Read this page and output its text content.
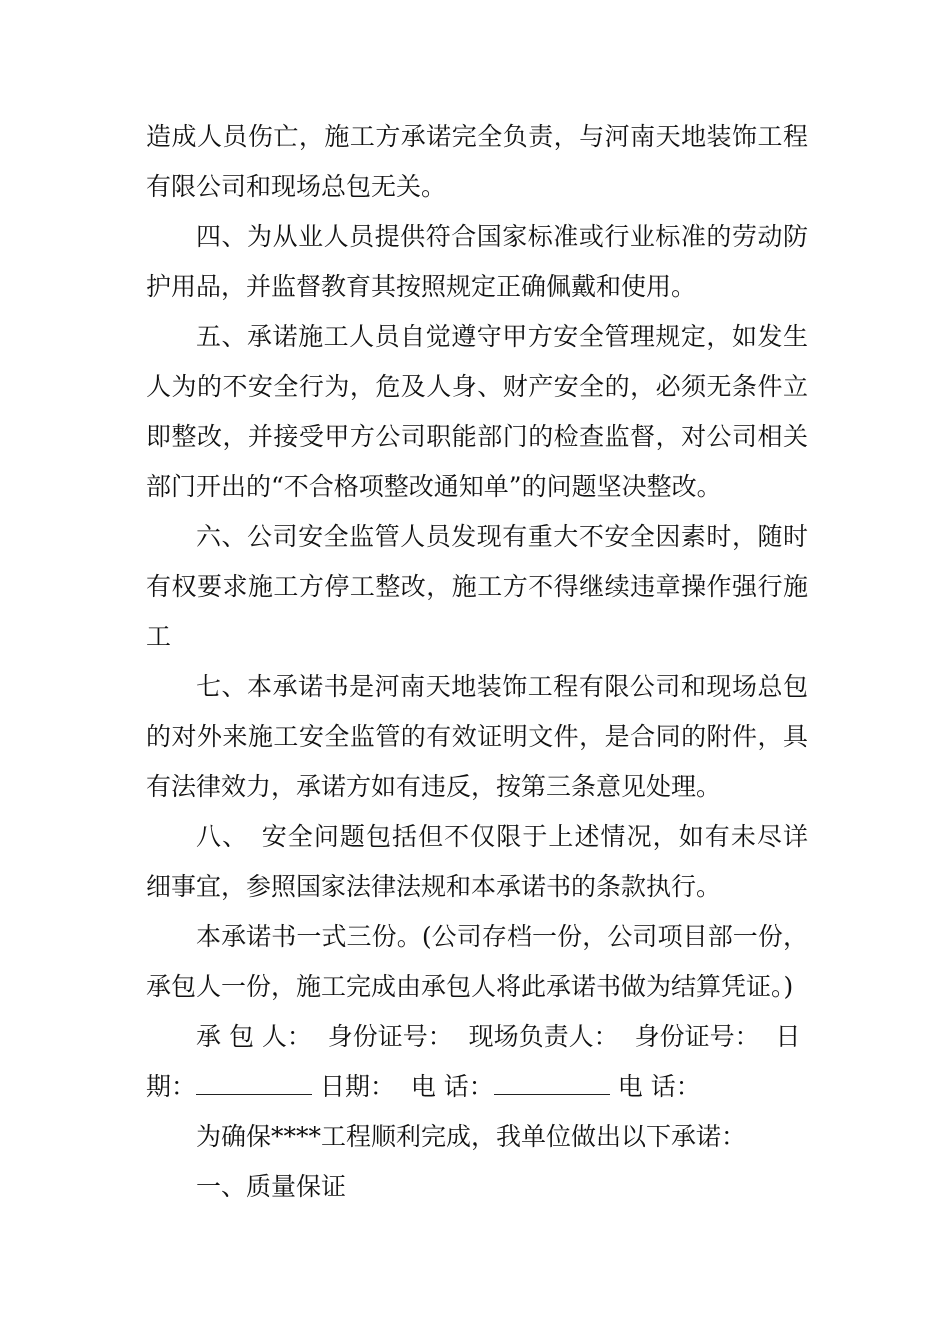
造成人员伤亡，施工方承诺完全负责，与河南天地装饰工程有限公司和现场总包无关。

四、为从业人员提供符合国家标准或行业标准的劳动防护用品，并监督教育其按照规定正确佩戴和使用。

五、承诺施工人员自觉遵守甲方安全管理规定，如发生人为的不安全行为，危及人身、财产安全的，必须无条件立即整改，并接受甲方公司职能部门的检查监督，对公司相关部门开出的“不合格项整改通知单”的问题坚决整改。

六、公司安全监管人员发现有重大不安全因素时，随时有权要求施工方停工整改，施工方不得继续违章操作强行施工

七、本承诺书是河南天地装饰工程有限公司和现场总包的对外来施工安全监管的有效证明文件，是合同的附件，具有法律效力，承诺方如有违反，按第三条意见处理。

八、　安全问题包括但不仅限于上述情况，如有未尽详细事宜，参照国家法律法规和本承诺书的条款执行。

本承诺书一式三份。(公司存档一份，公司项目部一份，承包人一份，施工完成由承包人将此承诺书做为结算凭证。)

承 包 人：  身份证号：  现场负责人：  身份证号：  日
期：	日期：  电 话：	电 话：

为确保****工程顺利完成，我单位做出以下承诺：

一、质量保证
